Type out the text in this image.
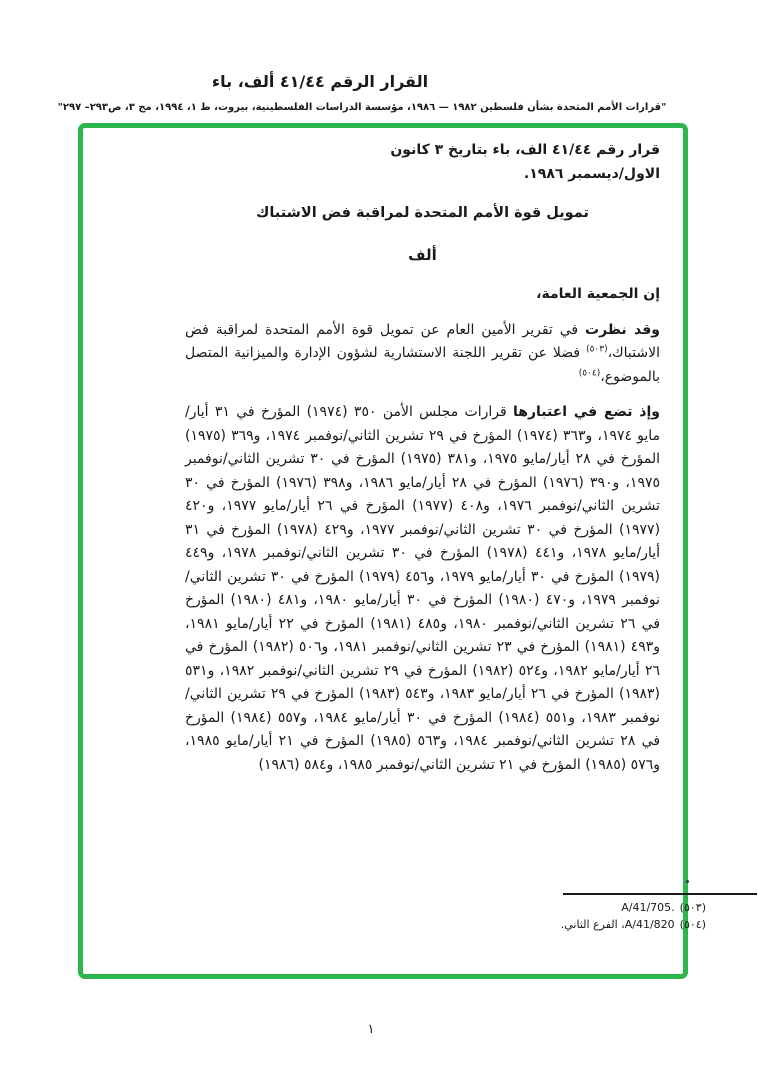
القرار الرقم ٤١/٤٤ ألف، باء
"قرارات الأمم المتحدة بشأن فلسطين ١٩٨٢ — ١٩٨٦، مؤسسة الدراسات الفلسطينية، بيروت، ط ١، ١٩٩٤، مج ٣، ص٢٩٣– ٢٩٧"

قرار رقم ٤١/٤٤ الف، باء بتاريخ ٣ كانون الاول/ديسمبر ١٩٨٦.

تمويل قوة الأمم المتحدة لمراقبة فض الاشتباك

ألف

إن الجمعية العامة،

وقد نظرت في تقرير الأمين العام عن تمويل قوة الأمم المتحدة لمراقبة فض الاشتباك،$^{(٥٠٣)}$ فضلا عن تقرير اللجنة الاستشارية لشؤون الإدارة والميزانية المتصل بالموضوع،$^{(٥٠٤)}$

وإذ تضع في اعتبارها قرارات مجلس الأمن ٣٥٠ (١٩٧٤) المؤرخ في ٣١ أيار/مايو ١٩٧٤، و٣٦٣ (١٩٧٤) المؤرخ في ٢٩ تشرين الثاني/نوفمبر ١٩٧٤، و٣٦٩ (١٩٧٥) المؤرخ في ٢٨ أيار/مايو ١٩٧٥، و٣٨١ (١٩٧٥) المؤرخ في ٣٠ تشرين الثاني/نوفمبر ١٩٧٥، و٣٩٠ (١٩٧٦) المؤرخ في ٢٨ أيار/مايو ١٩٨٦، و٣٩٨ (١٩٧٦) المؤرخ في ٣٠ تشرين الثاني/نوفمبر ١٩٧٦، و٤٠٨ (١٩٧٧) المؤرخ في ٢٦ أيار/مايو ١٩٧٧، و٤٢٠ (١٩٧٧) المؤرخ في ٣٠ تشرين الثاني/نوفمبر ١٩٧٧، و٤٢٩ (١٩٧٨) المؤرخ في ٣١ أيار/مايو ١٩٧٨، و٤٤١ (١٩٧٨) المؤرخ في ٣٠ تشرين الثاني/نوفمبر ١٩٧٨، و٤٤٩ (١٩٧٩) المؤرخ في ٣٠ أيار/مايو ١٩٧٩، و٤٥٦ (١٩٧٩) المؤرخ في ٣٠ تشرين الثاني/نوفمبر ١٩٧٩، و٤٧٠ (١٩٨٠) المؤرخ في ٣٠ أيار/مايو ١٩٨٠، و٤٨١ (١٩٨٠) المؤرخ في ٢٦ تشرين الثاني/نوفمبر ١٩٨٠، و٤٨٥ (١٩٨١) المؤرخ في ٢٢ أيار/مايو ١٩٨١، و٤٩٣ (١٩٨١) المؤرخ في ٢٣ تشرين الثاني/نوفمبر ١٩٨١، و٥٠٦ (١٩٨٢) المؤرخ في ٢٦ أيار/مايو ١٩٨٢، و٥٢٤ (١٩٨٢) المؤرخ في ٢٩ تشرين الثاني/نوفمبر ١٩٨٢، و٥٣١ (١٩٨٣) المؤرخ في ٢٦ أيار/مايو ١٩٨٣، و٥٤٣ (١٩٨٣) المؤرخ في ٢٩ تشرين الثاني/نوفمبر ١٩٨٣، و٥٥١ (١٩٨٤) المؤرخ في ٣٠ أيار/مايو ١٩٨٤، و٥٥٧ (١٩٨٤) المؤرخ في ٢٨ تشرين الثاني/نوفمبر ١٩٨٤، و٥٦٣ (١٩٨٥) المؤرخ في ٢١ أيار/مايو ١٩٨٥، و٥٧٦ (١٩٨٥) المؤرخ في ٢١ تشرين الثاني/نوفمبر ١٩٨٥، و٥٨٤ (١٩٨٦)

(٥٠٣)A/41/705.
(٥٠٤)A/41/820، الفرع الثاني.
١
